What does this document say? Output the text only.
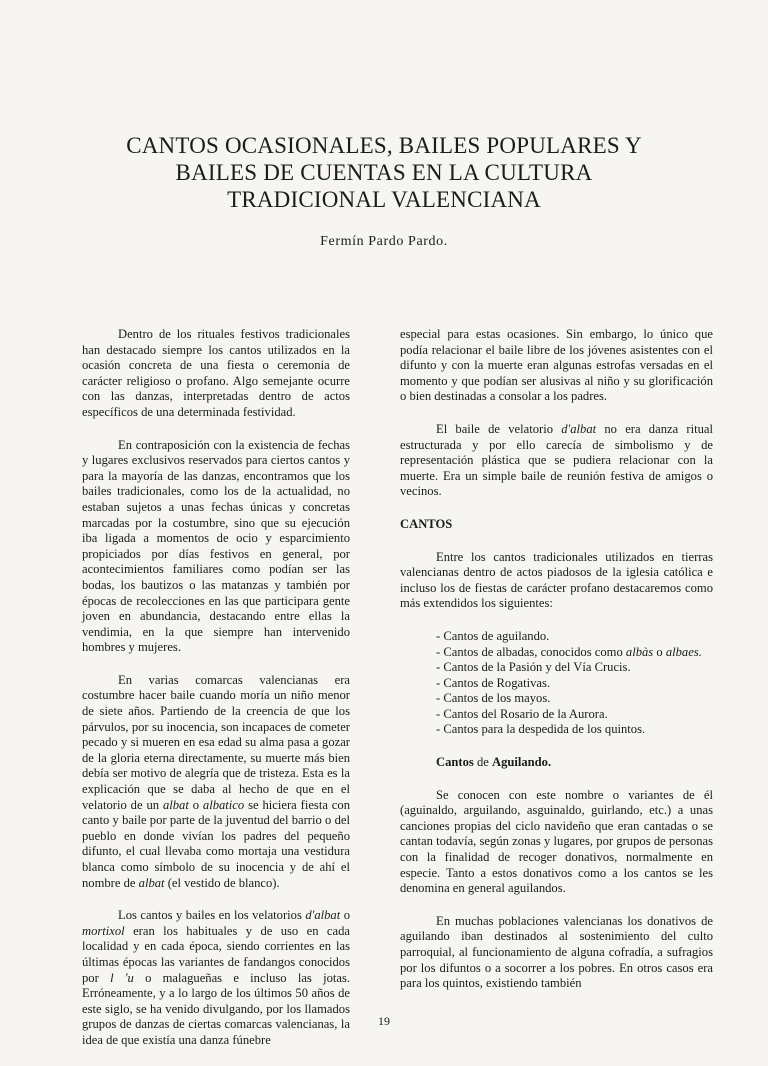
CANTOS OCASIONALES, BAILES POPULARES Y
BAILES DE CUENTAS EN LA CULTURA
TRADICIONAL VALENCIANA
Fermín Pardo Pardo.

Dentro de los rituales festivos tradicionales han destacado siempre los cantos utilizados en la ocasión concreta de una fiesta o ceremonia de carácter religioso o profano. Algo semejante ocurre con las danzas, interpretadas dentro de actos específicos de una determinada festividad.

En contraposición con la existencia de fechas y lugares exclusivos reservados para ciertos cantos y para la mayoría de las danzas, encontramos que los bailes tradicionales, como los de la actualidad, no estaban sujetos a unas fechas únicas y concretas marcadas por la costumbre, sino que su ejecución iba ligada a momentos de ocio y esparcimiento propiciados por días festivos en general, por acontecimientos familiares como podían ser las bodas, los bautizos o las matanzas y también por épocas de recolecciones en las que participara gente joven en abundancia, destacando entre ellas la vendimia, en la que siempre han intervenido hombres y mujeres.

En varias comarcas valencianas era costumbre hacer baile cuando moría un niño menor de siete años. Partiendo de la creencia de que los párvulos, por su inocencia, son incapaces de cometer pecado y si mueren en esa edad su alma pasa a gozar de la gloria eterna directamente, su muerte más bien debía ser motivo de alegría que de tristeza. Esta es la explicación que se daba al hecho de que en el velatorio de un albat o albatico se hiciera fiesta con canto y baile por parte de la juventud del barrio o del pueblo en donde vivían los padres del pequeño difunto, el cual llevaba como mortaja una vestidura blanca como símbolo de su inocencia y de ahí el nombre de albat (el vestido de blanco).

Los cantos y bailes en los velatorios d'albat o mortixol eran los habituales y de uso en cada localidad y en cada época, siendo corrientes en las últimas épocas las variantes de fandangos conocidos por l 'u o malagueñas e incluso las jotas. Erróneamente, y a lo largo de los últimos 50 años de este siglo, se ha venido divulgando, por los llamados grupos de danzas de ciertas comarcas valencianas, la idea de que existía una danza fúnebre

especial para estas ocasiones. Sin embargo, lo único que podía relacionar el baile libre de los jóvenes asistentes con el difunto y con la muerte eran algunas estrofas versadas en el momento y que podían ser alusivas al niño y su glorificación o bien destinadas a consolar a los padres.

El baile de velatorio d'albat no era danza ritual estructurada y por ello carecía de simbolismo y de representación plástica que se pudiera relacionar con la muerte. Era un simple baile de reunión festiva de amigos o vecinos.

CANTOS

Entre los cantos tradicionales utilizados en tierras valencianas dentro de actos piadosos de la iglesia católica e incluso los de fiestas de carácter profano destacaremos como más extendidos los siguientes:

- Cantos de aguilando.
- Cantos de albadas, conocidos como albàs o albaes.
- Cantos de la Pasión y del Vía Crucis.
- Cantos de Rogativas.
- Cantos de los mayos.
- Cantos del Rosario de la Aurora.
- Cantos para la despedida de los quintos.
Cantos de Aguilando.

Se conocen con este nombre o variantes de él (aguinaldo, arguilando, asguinaldo, guirlando, etc.) a unas canciones propias del ciclo navideño que eran cantadas o se cantan todavía, según zonas y lugares, por grupos de personas con la finalidad de recoger donativos, normalmente en especie. Tanto a estos donativos como a los cantos se les denomina en general aguilandos.

En muchas poblaciones valencianas los donativos de aguilando iban destinados al sostenimiento del culto parroquial, al funcionamiento de alguna cofradía, a sufragios por los difuntos o a socorrer a los pobres. En otros casos era para los quintos, existiendo también

19
